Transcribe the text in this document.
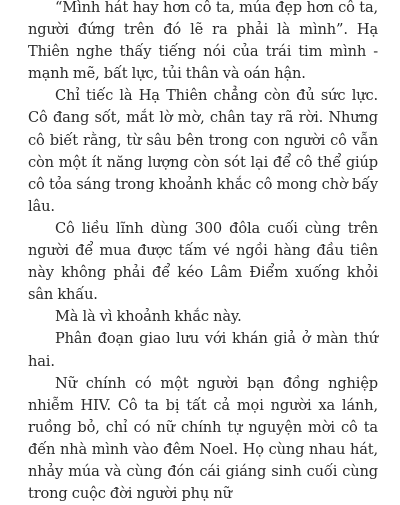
“Mình hát hay hơn cô ta, múa đẹp hơn cô ta, người đứng trên đó lẽ ra phải là mình”. Hạ Thiên nghe thấy tiếng nói của trái tim mình - mạnh mẽ, bất lực, tủi thân và oán hận.

Chỉ tiếc là Hạ Thiên chẳng còn đủ sức lực. Cô đang sốt, mắt lờ mờ, chân tay rã rời. Nhưng cô biết rằng, từ sâu bên trong con người cô vẫn còn một ít năng lượng còn sót lại để cô thể giúp cô tỏa sáng trong khoảnh khắc cô mong chờ bấy lâu.

Cô liều lĩnh dùng 300 đôla cuối cùng trên người để mua được tấm vé ngồi hàng đầu tiên này không phải để kéo Lâm Điểm xuống khỏi sân khấu.

Mà là vì khoảnh khắc này.

Phân đoạn giao lưu với khán giả ở màn thứ hai.

Nữ chính có một người bạn đồng nghiệp nhiễm HIV. Cô ta bị tất cả mọi người xa lánh, ruồng bỏ, chỉ có nữ chính tự nguyện mời cô ta đến nhà mình vào đêm Noel. Họ cùng nhau hát, nhảy múa và cùng đón cái giáng sinh cuối cùng trong cuộc đời người phụ nữ
